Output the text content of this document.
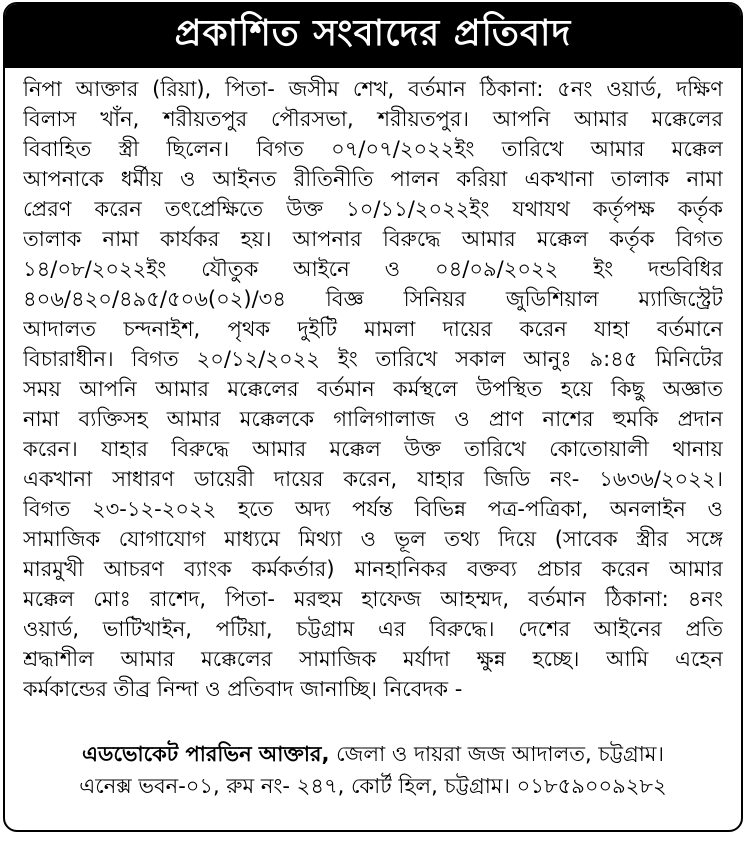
প্রকাশিত সংবাদের প্রতিবাদ
নিপা আক্তার (রিয়া), পিতা- জসীম শেখ, বর্তমান ঠিকানা: ৫নং ওয়ার্ড, দক্ষিণ
বিলাস খাঁন, শরীয়তপুর পৌরসভা, শরীয়তপুর। আপনি আমার মক্কেলের
বিবাহিত স্ত্রী ছিলেন। বিগত ০৭/০৭/২০২২ইং তারিখে আমার মক্কেল
আপনাকে ধর্মীয় ও আইনত রীতিনীতি পালন করিয়া একখানা তালাক নামা
প্রেরণ করেন তৎপ্রেক্ষিতে উক্ত ১০/১১/২০২২ইং যথাযথ কর্তৃপক্ষ কর্তৃক
তালাক নামা কার্যকর হয়। আপনার বিরুদ্ধে আমার মক্কেল কর্তৃক বিগত
১৪/০৮/২০২২ইং যৌতুক আইনে ও ০৪/০৯/২০২২ ইং দন্ডবিধির
৪০৬/৪২০/৪৯৫/৫০৬(০২)/৩৪ বিজ্ঞ সিনিয়র জুডিশিয়াল ম্যাজিস্ট্রেট
আদালত চন্দনাইশ, পৃথক দুইটি মামলা দায়ের করেন যাহা বর্তমানে
বিচারাধীন। বিগত ২০/১২/২০২২ ইং তারিখে সকাল আনুঃ ৯:৪৫ মিনিটের
সময় আপনি আমার মক্কেলের বর্তমান কর্মস্থলে উপস্থিত হয়ে কিছু অজ্ঞাত
নামা ব্যক্তিসহ আমার মক্কেলকে গালিগালাজ ও প্রাণ নাশের হুমকি প্রদান
করেন। যাহার বিরুদ্ধে আমার মক্কেল উক্ত তারিখে কোতোয়ালী থানায়
একখানা সাধারণ ডায়েরী দায়ের করেন, যাহার জিডি নং- ১৬৩৬/২০২২।
বিগত ২৩-১২-২০২২ হতে অদ্য পর্যন্ত বিভিন্ন পত্র-পত্রিকা, অনলাইন ও
সামাজিক যোগাযোগ মাধ্যমে মিথ্যা ও ভূল তথ্য দিয়ে (সাবেক স্ত্রীর সঙ্গে
মারমুখী আচরণ ব্যাংক কর্মকর্তার) মানহানিকর বক্তব্য প্রচার করেন আমার
মক্কেল মোঃ রাশেদ, পিতা- মরহুম হাফেজ আহম্মদ, বর্তমান ঠিকানা: ৪নং
ওয়ার্ড, ভাটিখাইন, পটিয়া, চট্টগ্রাম এর বিরুদ্ধে। দেশের আইনের প্রতি
শ্রদ্ধাশীল আমার মক্কেলের সামাজিক মর্যাদা ক্ষুন্ন হচ্ছে। আমি এহেন
কর্মকান্ডের তীব্র নিন্দা ও প্রতিবাদ জানাচ্ছি। নিবেদক -
এডভোকেট পারভিন আক্তার, জেলা ও দায়রা জজ আদালত, চট্টগ্রাম।
এনেক্স ভবন-০১, রুম নং- ২৪৭, কোর্ট হিল, চট্টগ্রাম। ০১৮৫৯০০৯২৮২
